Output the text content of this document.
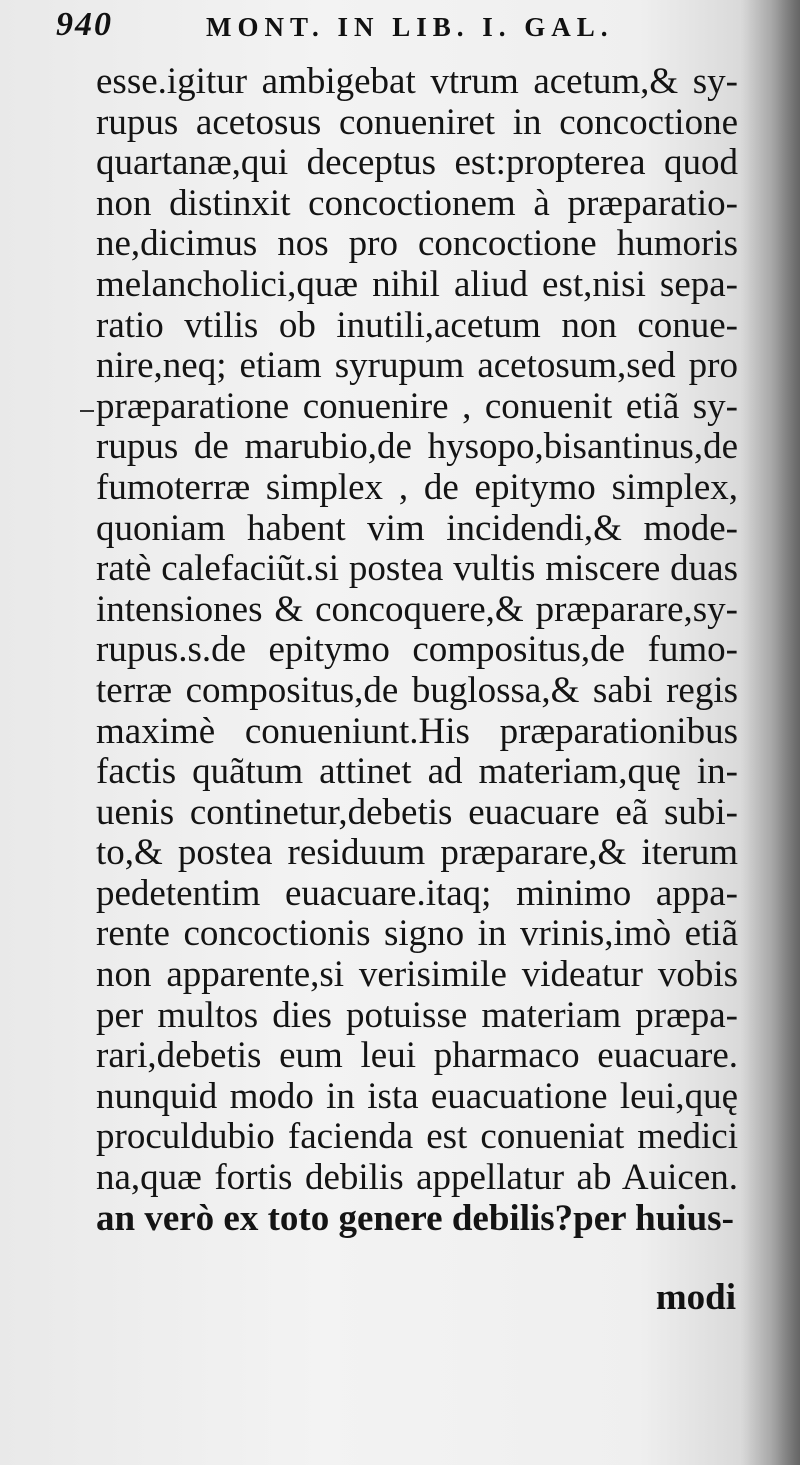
940	MONT. IN LIB. I. GAL.
esse.igitur ambigebat vtrum acetum,& sy-
rupus acetosus conueniret in concoctione
quartanæ,qui deceptus est:propterea quod
non distinxit concoctionem à præparatio-
ne,dicimus nos pro concoctione humoris
melancholici,quæ nihil aliud est,nisi sepa-
ratio vtilis ob inutili,acetum non conue-
nire,neq; etiam syrupum acetosum,sed pro
præparatione conuenire , conuenit etiã sy-
rupus de marubio,de hysopo,bisantinus,de
fumoterræ simplex , de epitymo simplex,
quoniam habent vim incidendi,& mode-
ratè calefaciũt.si postea vultis miscere duas
intensiones & concoquere,& præparare,sy-
rupus.s.de epitymo compositus,de fumo-
terræ compositus,de buglossa,& sabi regis
maximè conueniunt.His præparationibus
factis quãtum attinet ad materiam,quę in-
uenis continetur,debetis euacuare eã subi-
to,& postea residuum præparare,& iterum
pedetentim euacuare.itaq; minimo appa-
rente concoctionis signo in vrinis,imò etiã
non apparente,si verisimile videatur vobis
per multos dies potuisse materiam præpa-
rari,debetis eum leui pharmaco euacuare.
nunquid modo in ista euacuatione leui,quę
proculdubio facienda est conueniat medici
na,quæ fortis debilis appellatur ab Auicen.
an verò ex toto genere debilis?per huius-
modi
